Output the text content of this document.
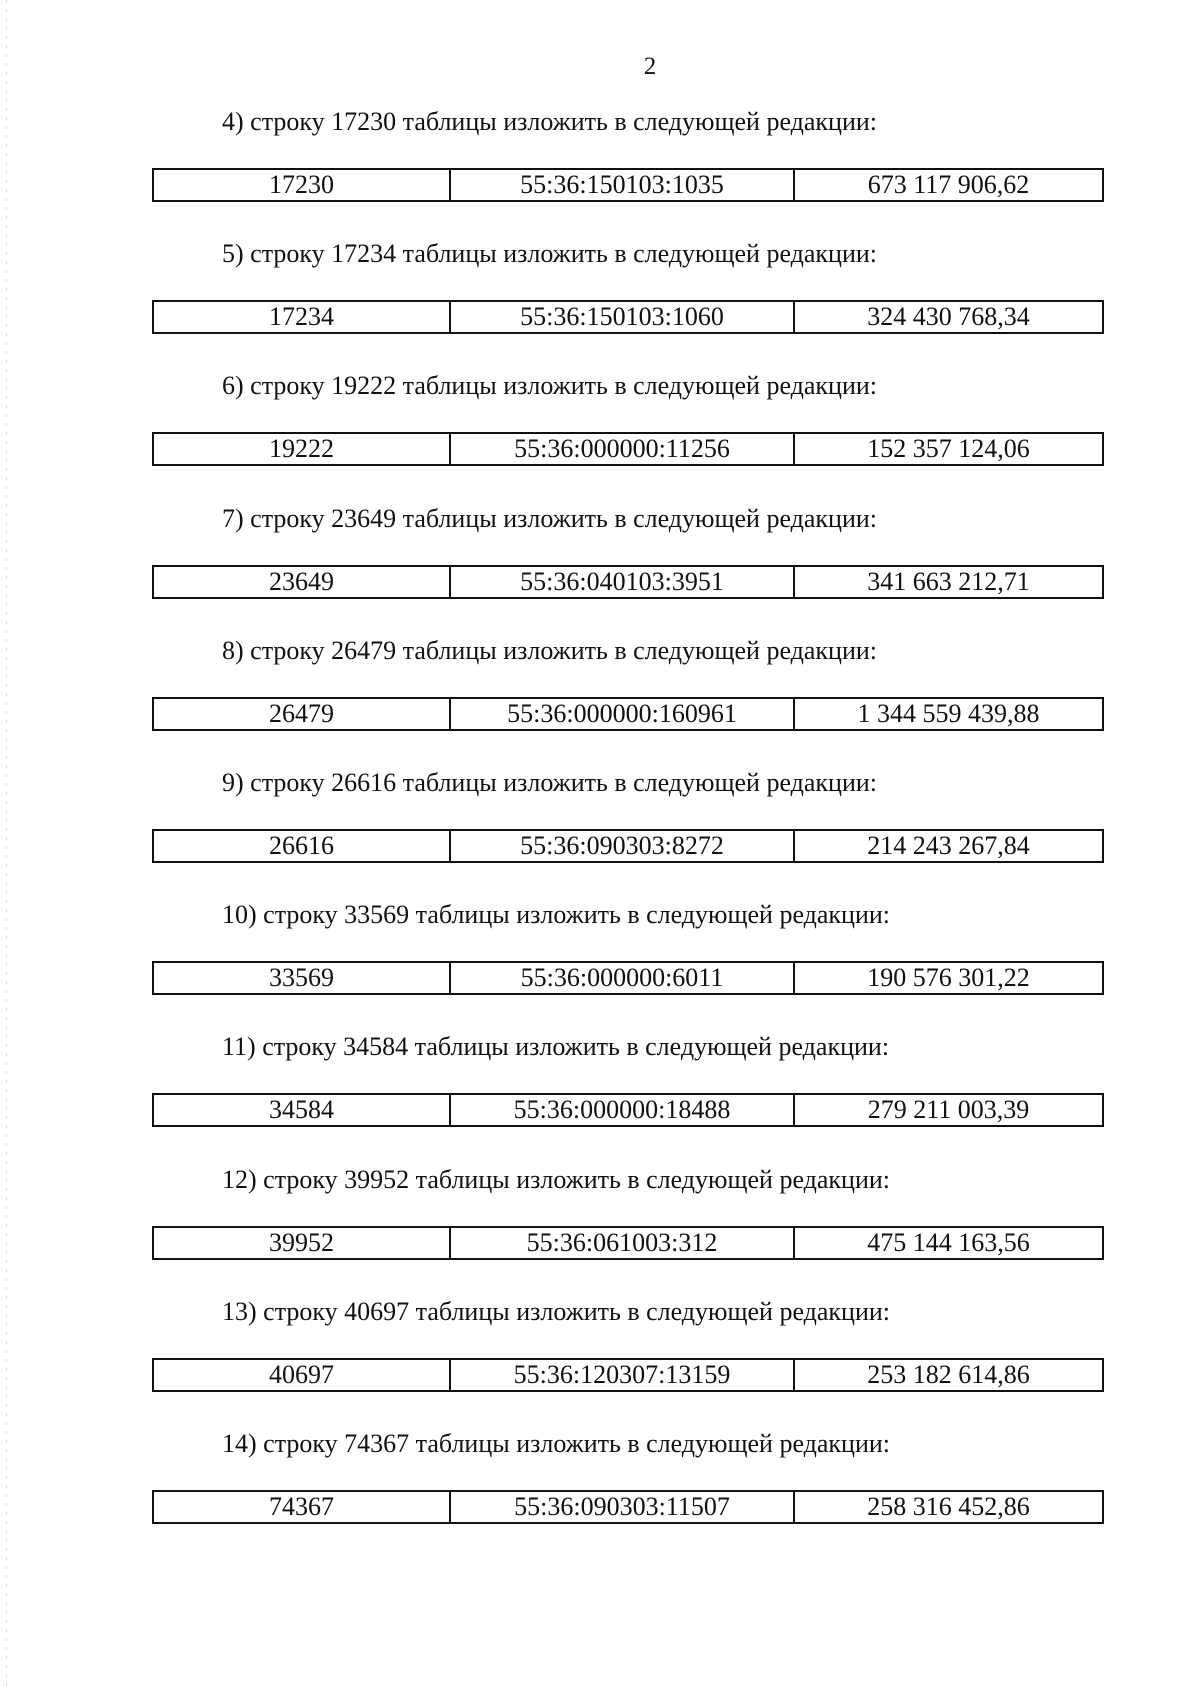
2
4) строку 17230 таблицы изложить в следующей редакции:
17230	55:36:150103:1035	673 117 906,62
5) строку 17234 таблицы изложить в следующей редакции:
17234	55:36:150103:1060	324 430 768,34
6) строку 19222 таблицы изложить в следующей редакции:
19222	55:36:000000:11256	152 357 124,06
7) строку 23649 таблицы изложить в следующей редакции:
23649	55:36:040103:3951	341 663 212,71
8) строку 26479 таблицы изложить в следующей редакции:
26479	55:36:000000:160961	1 344 559 439,88
9) строку 26616 таблицы изложить в следующей редакции:
26616	55:36:090303:8272	214 243 267,84
10) строку 33569 таблицы изложить в следующей редакции:
33569	55:36:000000:6011	190 576 301,22
11) строку 34584 таблицы изложить в следующей редакции:
34584	55:36:000000:18488	279 211 003,39
12) строку 39952 таблицы изложить в следующей редакции:
39952	55:36:061003:312	475 144 163,56
13) строку 40697 таблицы изложить в следующей редакции:
40697	55:36:120307:13159	253 182 614,86
14) строку 74367 таблицы изложить в следующей редакции:
74367	55:36:090303:11507	258 316 452,86
